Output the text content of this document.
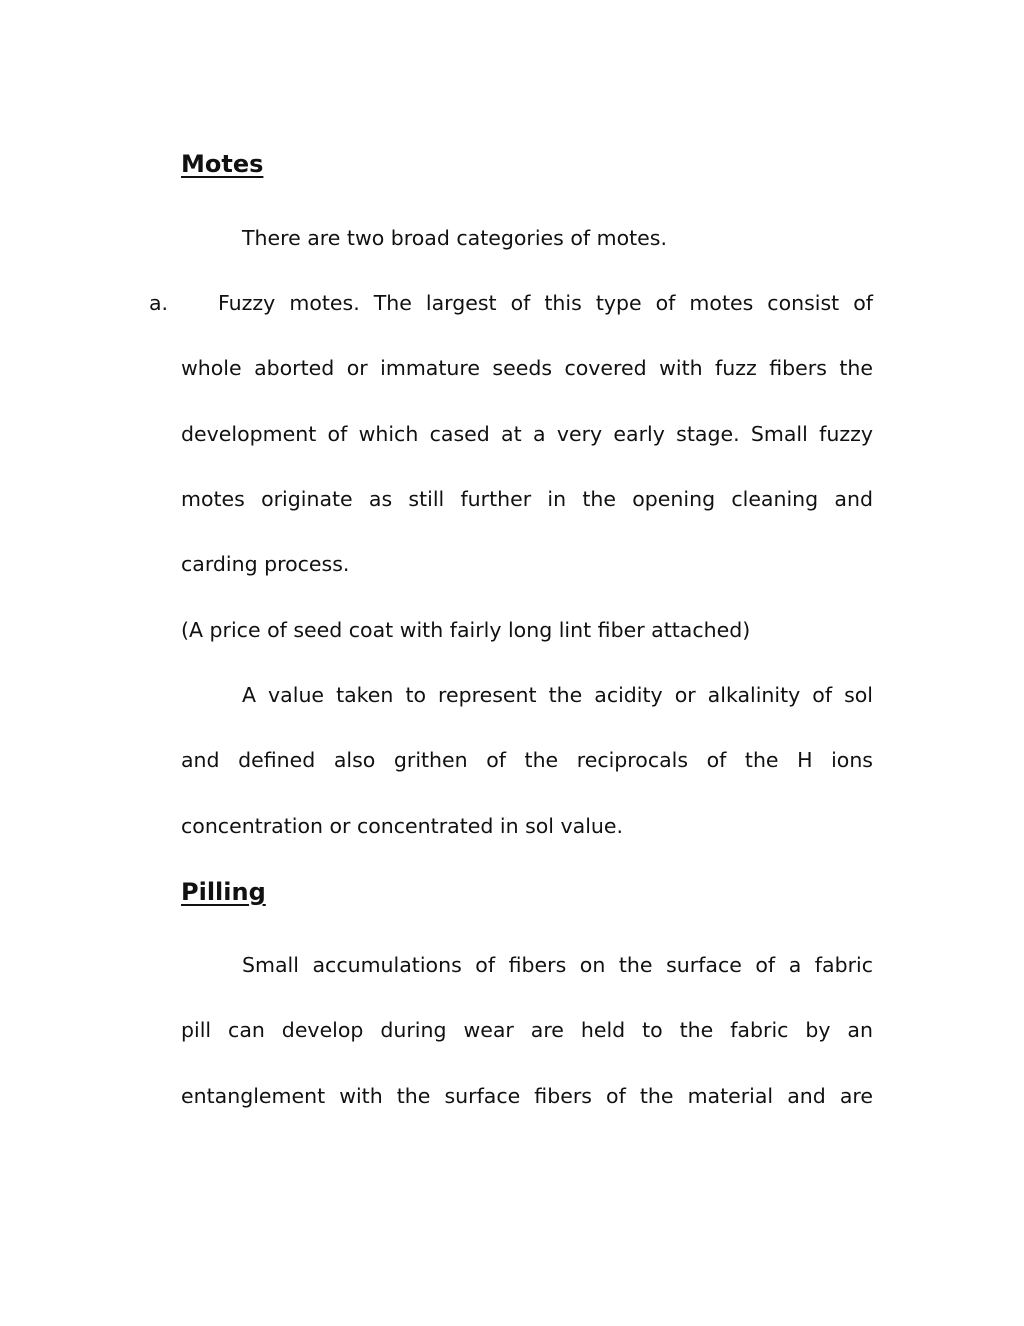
Motes

There are two broad categories of motes.

a. Fuzzy motes. The largest of this type of motes consist of

whole aborted or immature seeds covered with fuzz fibers the

development of which cased at a very early stage. Small fuzzy

motes originate as still further in the opening cleaning and

carding process.

(A price of seed coat with fairly long lint fiber attached)

A value taken to represent the acidity or alkalinity of sol

and defined also grithen of the reciprocals of the H ions

concentration or concentrated in sol value.

Pilling

Small accumulations of fibers on the surface of a fabric

pill can develop during wear are held to the fabric by an

entanglement with the surface fibers of the material and are
